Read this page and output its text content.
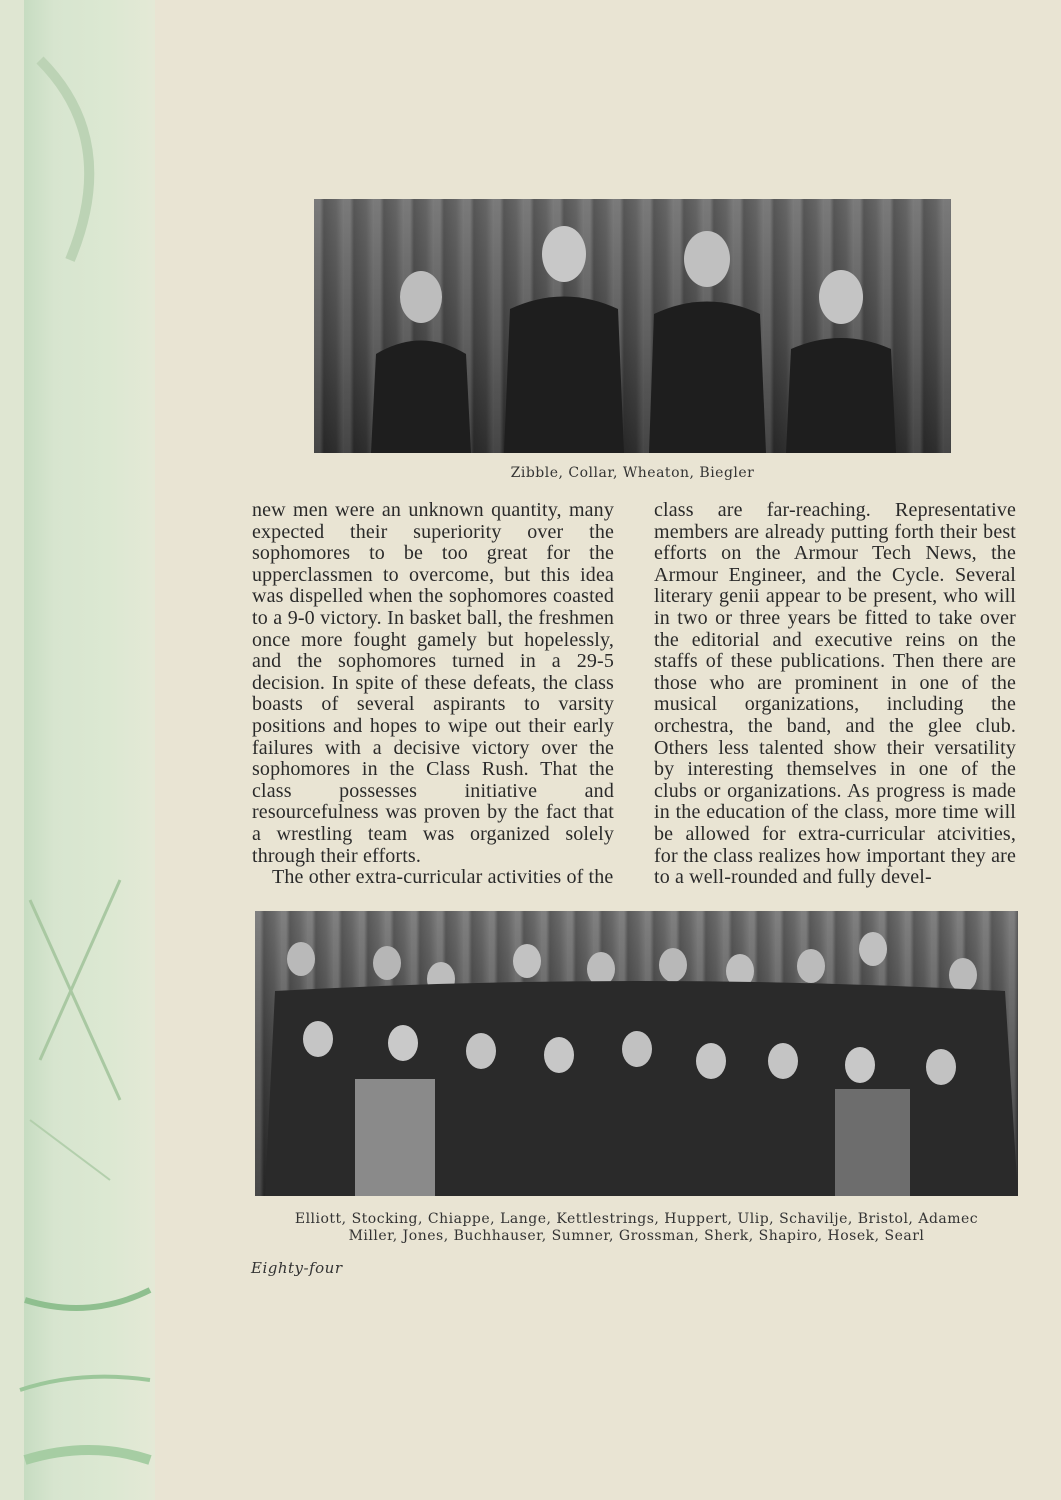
Zibble, Collar, Wheaton, Biegler

new men were an unknown quantity, many expected their superiority over the sophomores to be too great for the upperclassmen to overcome, but this idea was dispelled when the sophomores coasted to a 9-0 victory. In basket ball, the freshmen once more fought gamely but hopelessly, and the sophomores turned in a 29-5 decision. In spite of these defeats, the class boasts of several aspirants to varsity positions and hopes to wipe out their early failures with a decisive victory over the sophomores in the Class Rush. That the class possesses initiative and resourcefulness was proven by the fact that a wrestling team was organized solely through their efforts.

The other extra-curricular activities of the

class are far-reaching. Representative members are already putting forth their best efforts on the Armour Tech News, the Armour Engineer, and the Cycle. Several literary genii appear to be present, who will in two or three years be fitted to take over the editorial and executive reins on the staffs of these publications. Then there are those who are prominent in one of the musical organizations, including the orchestra, the band, and the glee club. Others less talented show their versatility by interesting themselves in one of the clubs or organizations. As progress is made in the education of the class, more time will be allowed for extra-curricular atcivities, for the class realizes how important they are to a well-rounded and fully devel-

Elliott, Stocking, Chiappe, Lange, Kettlestrings, Huppert, Ulip, Schavilje, Bristol, Adamec
Miller, Jones, Buchhauser, Sumner, Grossman, Sherk, Shapiro, Hosek, Searl
Eighty-four
